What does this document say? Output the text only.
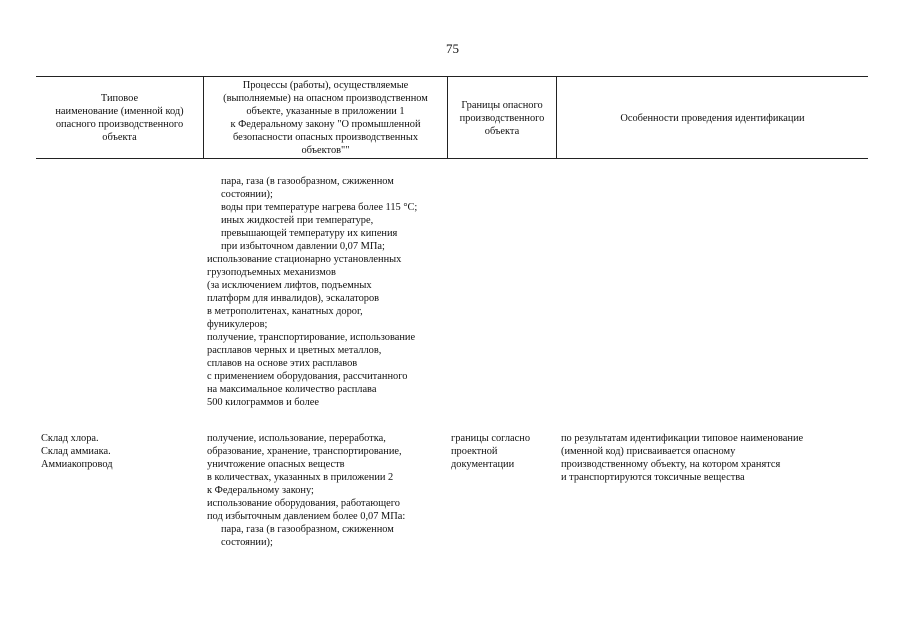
75
Типовое
наименование (именной код)
опасного производственного
объекта
Процессы (работы), осуществляемые
(выполняемые) на опасном производственном
объекте, указанные в приложении 1
к Федеральному закону "О промышленной
безопасности опасных производственных
объектов""
Границы опасного
производственного
объекта
Особенности проведения идентификации
пара, газа (в газообразном, сжиженном
состоянии);
воды при температуре нагрева более 115 °С;
иных жидкостей при температуре,
превышающей температуру их кипения
при избыточном давлении 0,07 МПа;
использование стационарно установленных
грузоподъемных механизмов
(за исключением лифтов, подъемных
платформ для инвалидов), эскалаторов
в метрополитенах, канатных дорог,
фуникулеров;
получение, транспортирование, использование
расплавов черных и цветных металлов,
сплавов на основе этих расплавов
с применением оборудования, рассчитанного
на максимальное количество расплава
500 килограммов и более
Склад хлора.
Склад аммиака.
Аммиакопровод
получение, использование, переработка,
образование, хранение, транспортирование,
уничтожение опасных веществ
в количествах, указанных в приложении 2
к Федеральному закону;
использование оборудования, работающего
под избыточным давлением более 0,07 МПа:
пара, газа (в газообразном, сжиженном
состоянии);
границы согласно
проектной
документации
по результатам идентификации типовое наименование
(именной код) присваивается опасному
производственному объекту, на котором хранятся
и транспортируются токсичные вещества
